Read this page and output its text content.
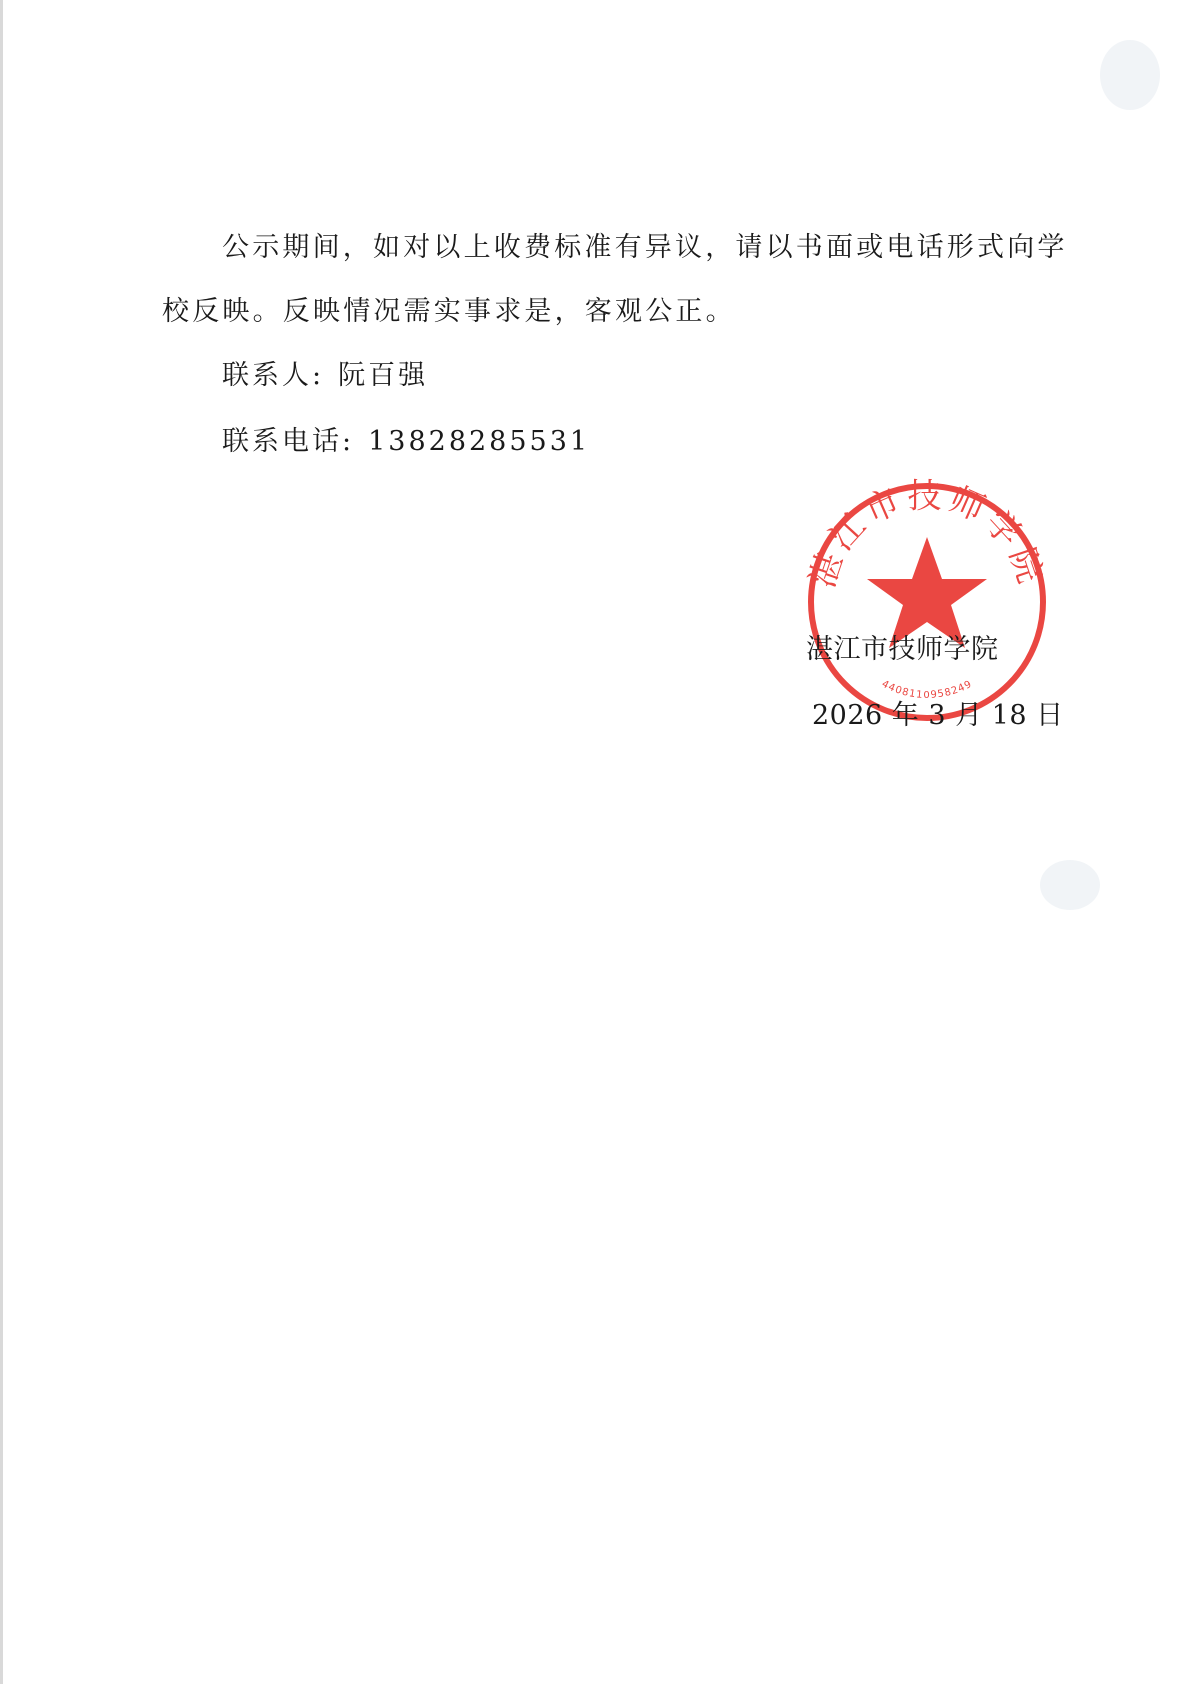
公示期间，如对以上收费标准有异议，请以书面或电话形式向学
校反映。反映情况需实事求是，客观公正。
联系人: 阮百强
联系电话: 13828285531
湛江市技师学院
4408110958249
湛江市技师学院
2026 年 3 月 18 日
